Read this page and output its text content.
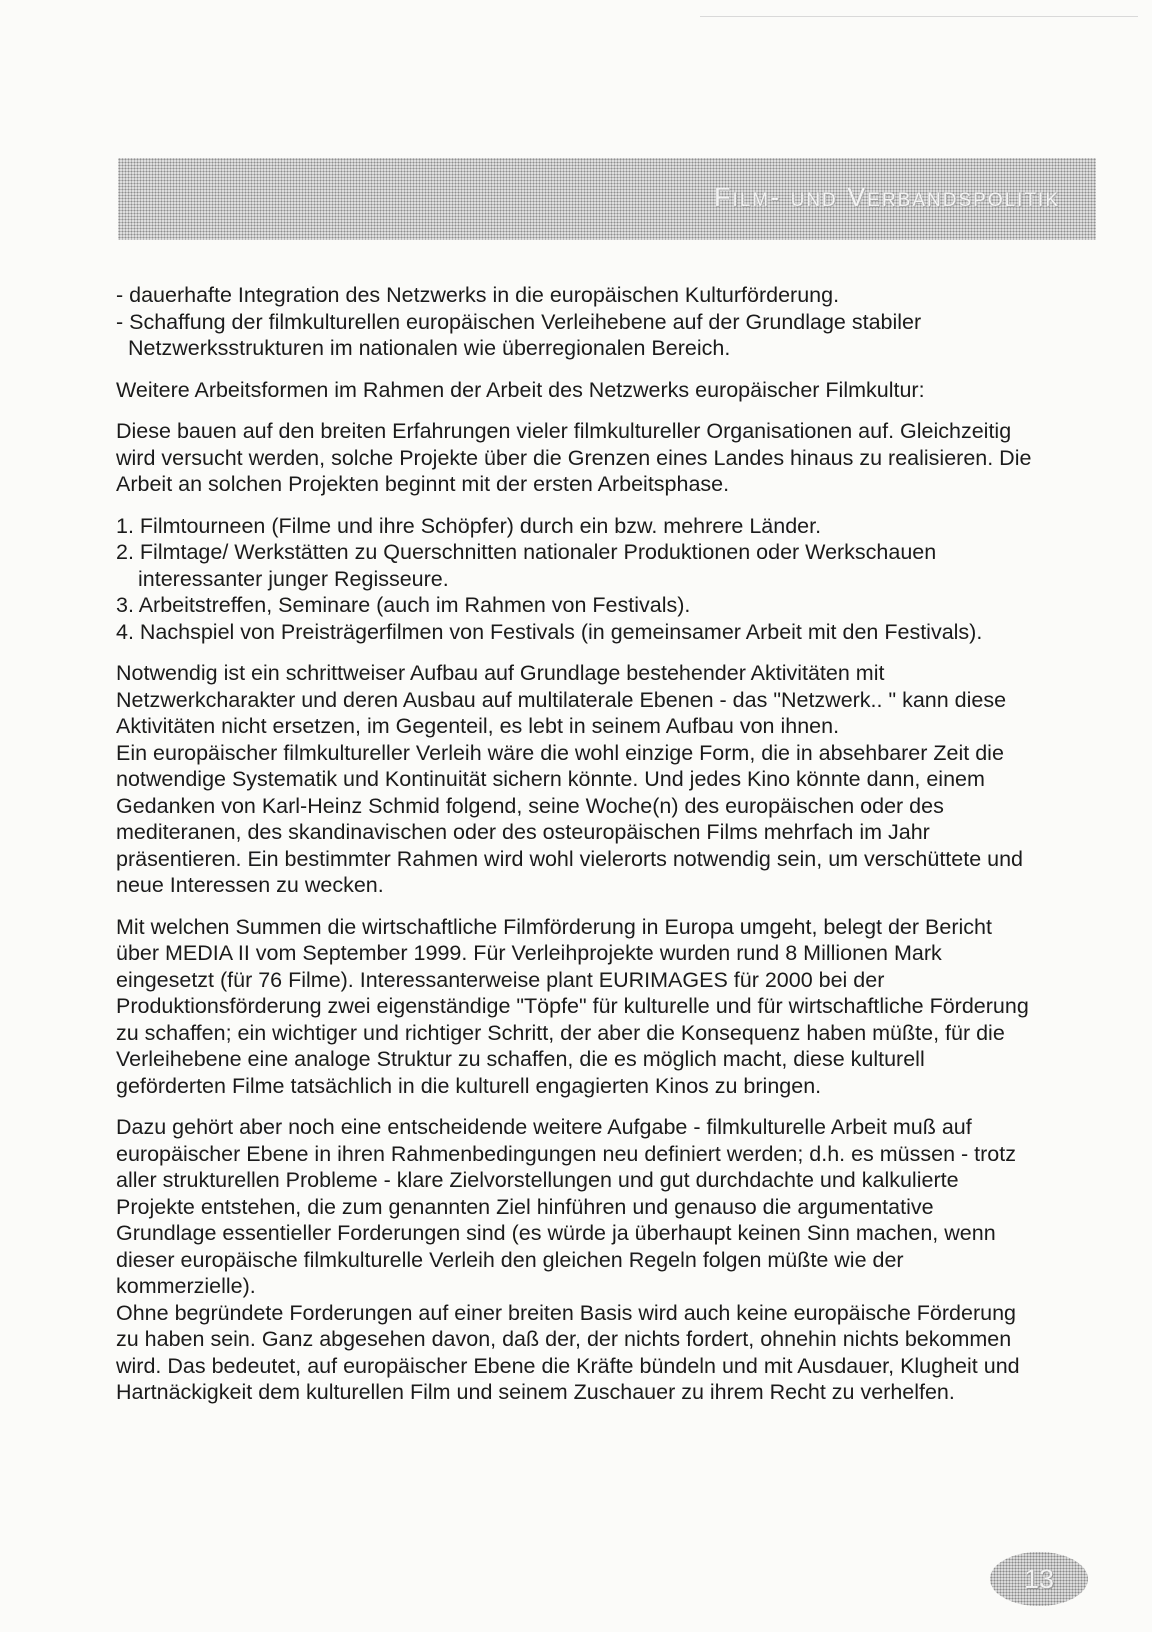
Film- und Verbandspolitik
- dauerhafte Integration des Netzwerks in die europäischen Kulturförderung.
- Schaffung der filmkulturellen europäischen Verleihebene auf der Grundlage stabiler Netzwerksstrukturen im nationalen wie überregionalen Bereich.

Weitere Arbeitsformen im Rahmen der Arbeit des Netzwerks europäischer Filmkultur:

Diese bauen auf den breiten Erfahrungen vieler filmkultureller Organisationen auf. Gleichzeitig wird versucht werden, solche Projekte über die Grenzen eines Landes hinaus zu realisieren. Die Arbeit an solchen Projekten beginnt mit der ersten Arbeitsphase.

1. Filmtourneen (Filme und ihre Schöpfer) durch ein bzw. mehrere Länder.
2. Filmtage/ Werkstätten zu Querschnitten nationaler Produktionen oder Werkschauen interessanter junger Regisseure.
3. Arbeitstreffen, Seminare (auch im Rahmen von Festivals).
4. Nachspiel von Preisträgerfilmen von Festivals (in gemeinsamer Arbeit mit den Festivals).

Notwendig ist ein schrittweiser Aufbau auf Grundlage bestehender Aktivitäten mit Netzwerkcharakter und deren Ausbau auf multilaterale Ebenen - das "Netzwerk.. " kann diese Aktivitäten nicht ersetzen, im Gegenteil, es lebt in seinem Aufbau von ihnen.

Ein europäischer filmkultureller Verleih wäre die wohl einzige Form, die in absehbarer Zeit die notwendige Systematik und Kontinuität sichern könnte. Und jedes Kino könnte dann, einem Gedanken von Karl-Heinz Schmid folgend, seine Woche(n) des europäischen oder des mediteranen, des skandinavischen oder des osteuropäischen Films mehrfach im Jahr präsentieren. Ein bestimmter Rahmen wird wohl vielerorts notwendig sein, um verschüttete und neue Interessen zu wecken.

Mit welchen Summen die wirtschaftliche Filmförderung in Europa umgeht, belegt der Bericht über MEDIA II vom September 1999. Für Verleihprojekte wurden rund 8 Millionen Mark eingesetzt (für 76 Filme). Interessanterweise plant EURIMAGES für 2000 bei der Produktionsförderung zwei eigenständige "Töpfe" für kulturelle und für wirtschaftliche Förderung zu schaffen; ein wichtiger und richtiger Schritt, der aber die Konsequenz haben müßte, für die Verleihebene eine analoge Struktur zu schaffen, die es möglich macht, diese kulturell geförderten Filme tatsächlich in die kulturell engagierten Kinos zu bringen.

Dazu gehört aber noch eine entscheidende weitere Aufgabe - filmkulturelle Arbeit muß auf europäischer Ebene in ihren Rahmenbedingungen neu definiert werden; d.h. es müssen - trotz aller strukturellen Probleme - klare Zielvorstellungen und gut durchdachte und kalkulierte Projekte entstehen, die zum genannten Ziel hinführen und genauso die argumentative Grundlage essentieller Forderungen sind (es würde ja überhaupt keinen Sinn machen, wenn dieser europäische filmkulturelle Verleih den gleichen Regeln folgen müßte wie der kommerzielle).

Ohne begründete Forderungen auf einer breiten Basis wird auch keine europäische Förderung zu haben sein. Ganz abgesehen davon, daß der, der nichts fordert, ohnehin nichts bekommen wird. Das bedeutet, auf europäischer Ebene die Kräfte bündeln und mit Ausdauer, Klugheit und Hartnäckigkeit dem kulturellen Film und seinem Zuschauer zu ihrem Recht zu verhelfen.

13
